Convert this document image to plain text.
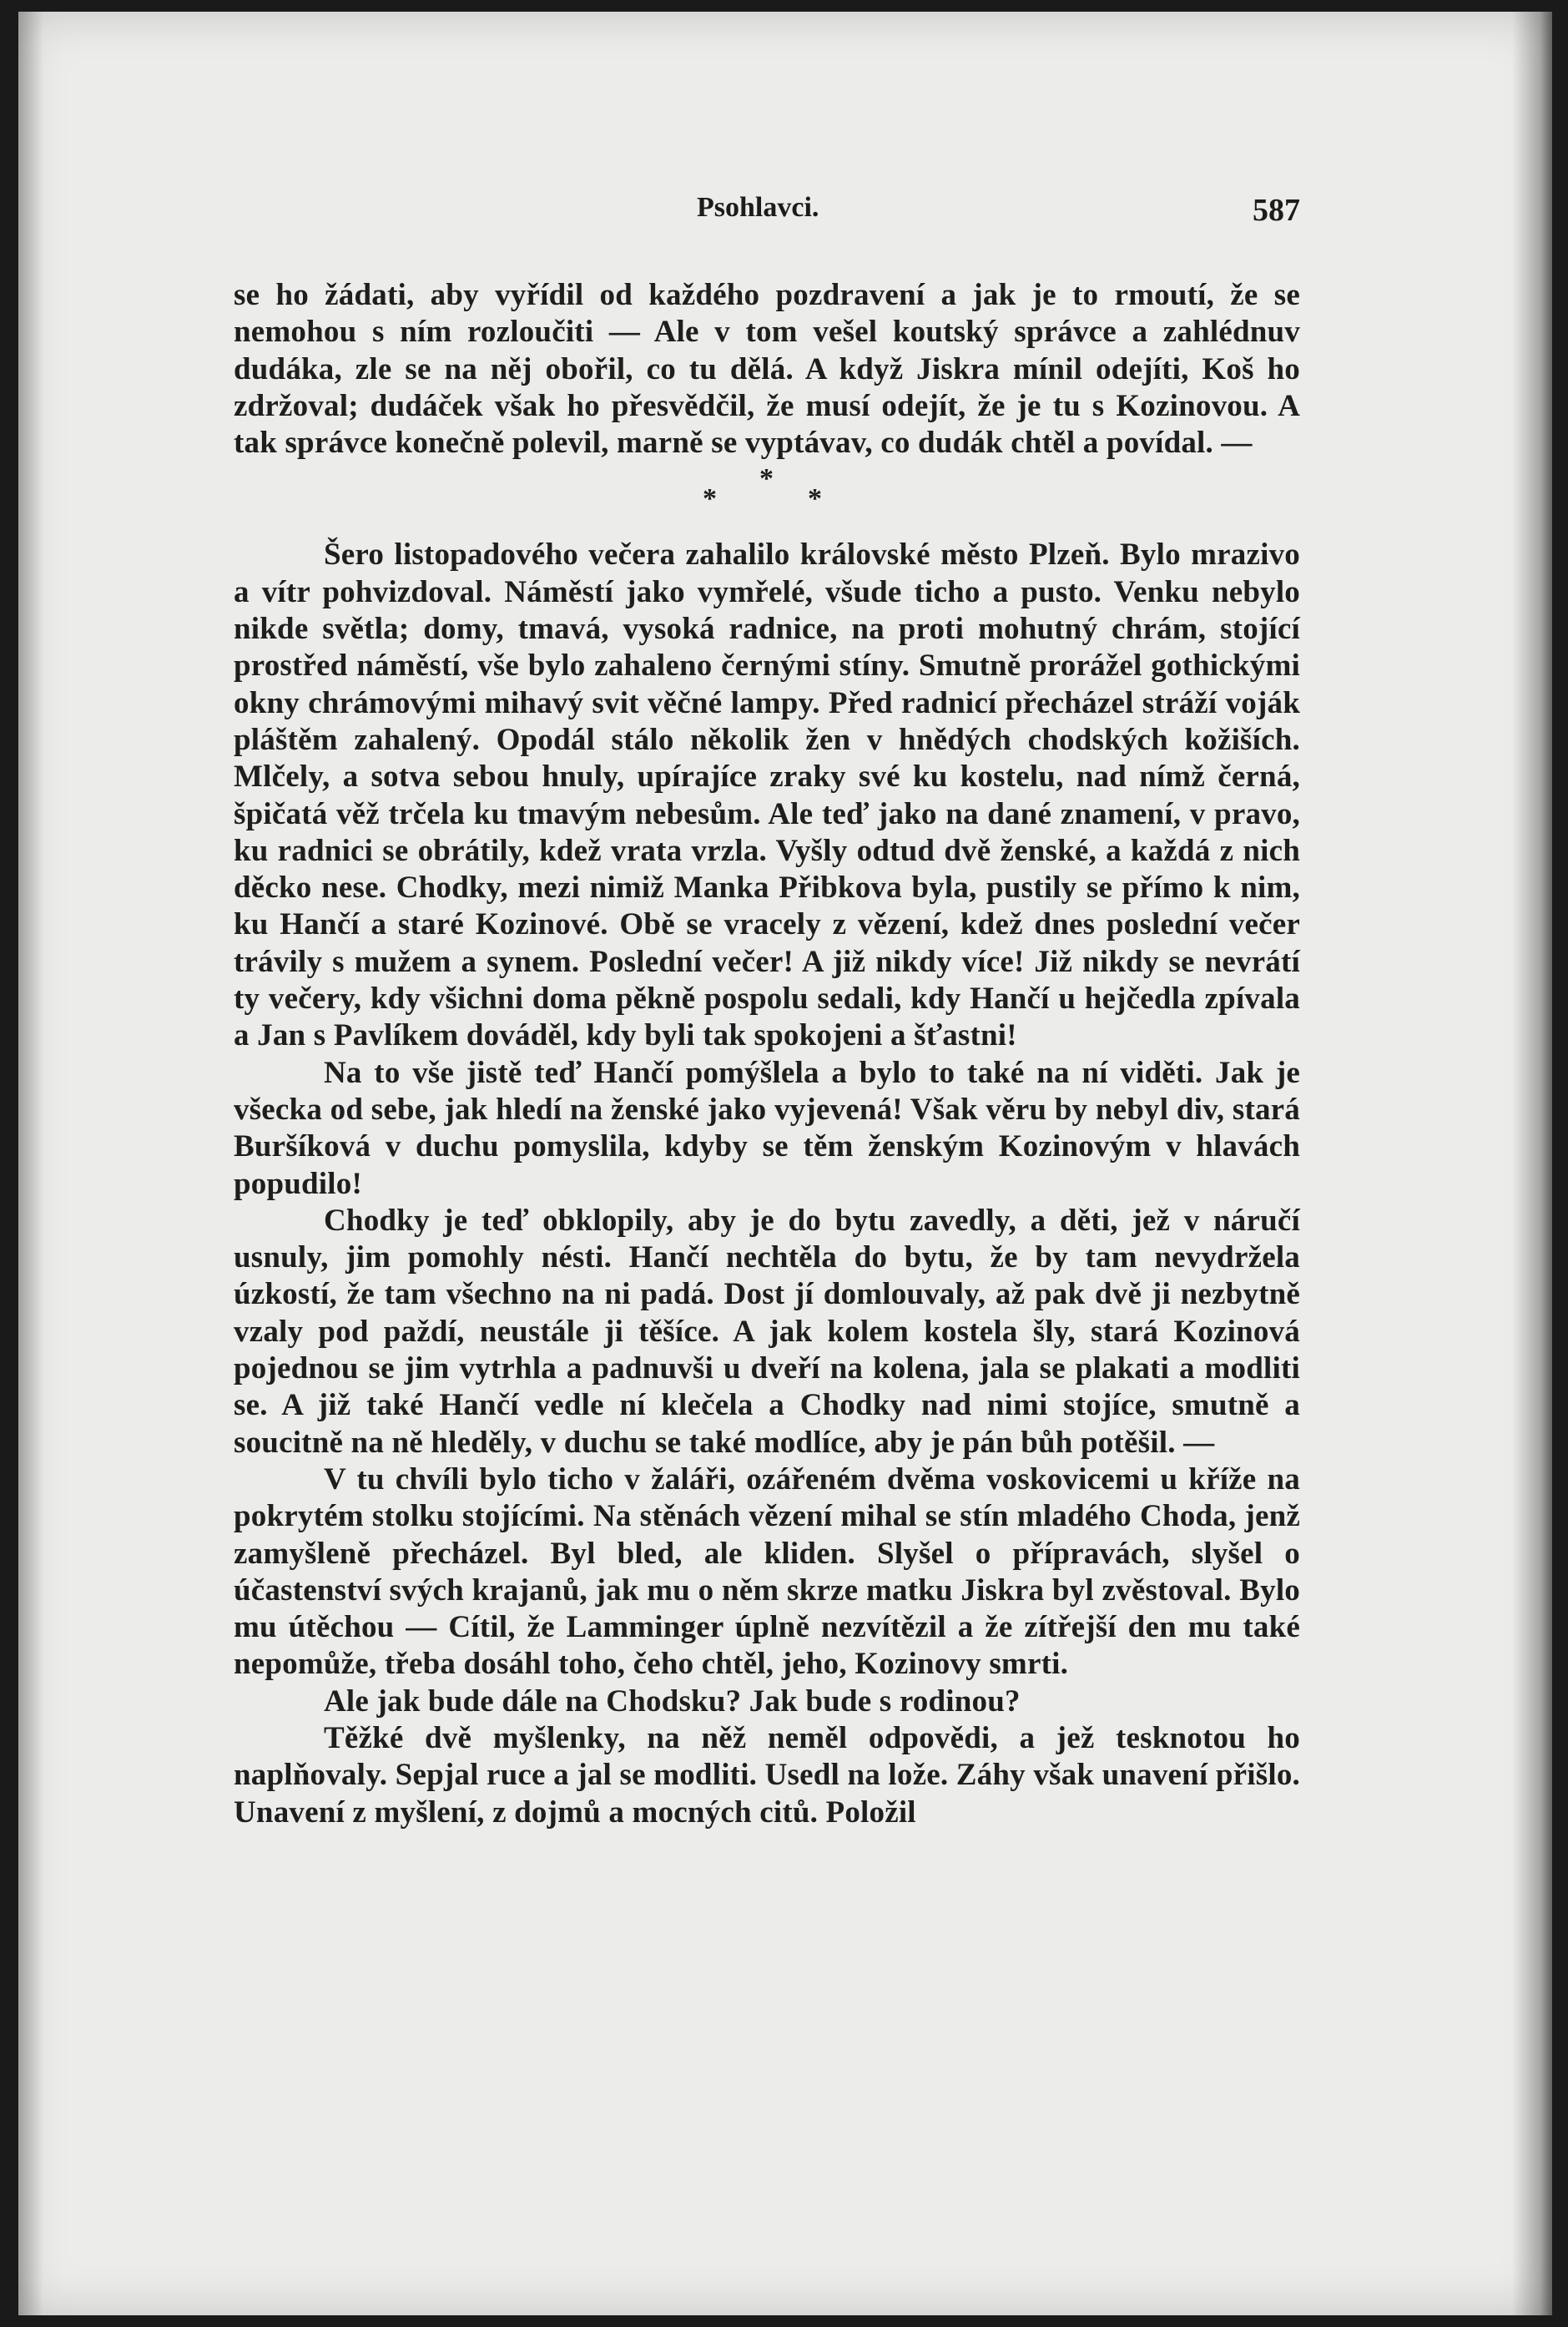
Psohlavci.	587

se ho žádati, aby vyřídil od každého pozdravení a jak je to rmoutí, že se nemohou s ním rozloučiti — Ale v tom vešel koutský správce a zahlédnuv dudáka, zle se na něj obořil, co tu dělá. A když Jiskra mínil odejíti, Koš ho zdržoval; dudáček však ho přesvědčil, že musí odejít, že je tu s Kozinovou. A tak správce konečně polevil, marně se vyptávav, co dudák chtěl a povídal. —

*
*	*

Šero listopadového večera zahalilo královské město Plzeň. Bylo mrazivo a vítr pohvizdoval. Náměstí jako vymřelé, všude ticho a pusto. Venku nebylo nikde světla; domy, tmavá, vysoká radnice, na proti mohutný chrám, stojící prostřed náměstí, vše bylo zahaleno černými stíny. Smutně prorážel gothickými okny chrámovými mihavý svit věčné lampy. Před radnicí přecházel stráží voják pláštěm zahalený. Opodál stálo několik žen v hnědých chodských kožiších. Mlčely, a sotva sebou hnuly, upírajíce zraky své ku kostelu, nad nímž černá, špičatá věž trčela ku tmavým nebesům. Ale teď jako na dané znamení, v pravo, ku radnici se obrátily, kdež vrata vrzla. Vyšly odtud dvě ženské, a každá z nich děcko nese. Chodky, mezi nimiž Manka Přibkova byla, pustily se přímo k nim, ku Hančí a staré Kozinové. Obě se vracely z vězení, kdež dnes poslední večer trávily s mužem a synem. Poslední večer! A již nikdy více! Již nikdy se nevrátí ty večery, kdy všichni doma pěkně pospolu sedali, kdy Hančí u hejčedla zpívala a Jan s Pavlíkem dováděl, kdy byli tak spokojeni a šťastni!

Na to vše jistě teď Hančí pomýšlela a bylo to také na ní viděti. Jak je všecka od sebe, jak hledí na ženské jako vyjevená! Však věru by nebyl div, stará Buršíková v duchu pomyslila, kdyby se těm ženským Kozinovým v hlavách popudilo!

Chodky je teď obklopily, aby je do bytu zavedly, a děti, jež v náručí usnuly, jim pomohly nésti. Hančí nechtěla do bytu, že by tam nevydržela úzkostí, že tam všechno na ni padá. Dost jí domlouvaly, až pak dvě ji nezbytně vzaly pod paždí, neustále ji těšíce. A jak kolem kostela šly, stará Kozinová pojednou se jim vytrhla a padnuvši u dveří na kolena, jala se plakati a modliti se. A již také Hančí vedle ní klečela a Chodky nad nimi stojíce, smutně a soucitně na ně hleděly, v duchu se také modlíce, aby je pán bůh potěšil. —

V tu chvíli bylo ticho v žaláři, ozářeném dvěma voskovicemi u kříže na pokrytém stolku stojícími. Na stěnách vězení mihal se stín mladého Choda, jenž zamyšleně přecházel. Byl bled, ale kliden. Slyšel o přípravách, slyšel o účastenství svých krajanů, jak mu o něm skrze matku Jiskra byl zvěstoval. Bylo mu útěchou — Cítil, že Lamminger úplně nezvítězil a že zítřejší den mu také nepomůže, třeba dosáhl toho, čeho chtěl, jeho, Kozinovy smrti.

Ale jak bude dále na Chodsku? Jak bude s rodinou?

Těžké dvě myšlenky, na něž neměl odpovědi, a jež tesknotou ho naplňovaly. Sepjal ruce a jal se modliti. Usedl na lože. Záhy však unavení přišlo. Unavení z myšlení, z dojmů a mocných citů. Položil
